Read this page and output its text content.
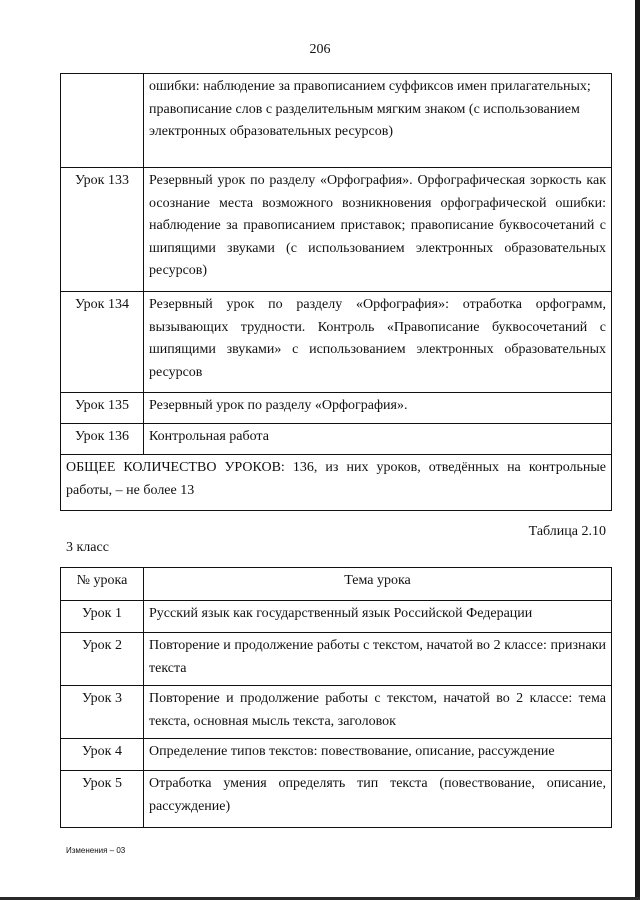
206
	ошибки: наблюдение за правописанием суффиксов имен прилагательных; правописание слов с разделительным мягким знаком (с использованием электронных образовательных ресурсов)
Урок 133	Резервный урок по разделу «Орфография». Орфографическая зоркость как осознание места возможного возникновения орфографической ошибки: наблюдение за правописанием приставок; правописание буквосочетаний с шипящими звуками (с использованием электронных образовательных ресурсов)
Урок 134	Резервный урок по разделу «Орфография»: отработка орфограмм, вызывающих трудности. Контроль «Правописание буквосочетаний с шипящими звуками» с использованием электронных образовательных ресурсов
Урок 135	Резервный урок по разделу «Орфография».
Урок 136	Контрольная работа
ОБЩЕЕ КОЛИЧЕСТВО УРОКОВ: 136, из них уроков, отведённых на контрольные работы, – не более 13	
Таблица 2.10
3 класс
№ урока	Тема урока
Урок 1	Русский язык как государственный язык Российской Федерации
Урок 2	Повторение и продолжение работы с текстом, начатой во 2 классе: признаки текста
Урок 3	Повторение и продолжение работы с текстом, начатой во 2 классе: тема текста, основная мысль текста, заголовок
Урок 4	Определение типов текстов: повествование, описание, рассуждение
Урок 5	Отработка умения определять тип текста (повествование, описание, рассуждение)
Изменения – 03
